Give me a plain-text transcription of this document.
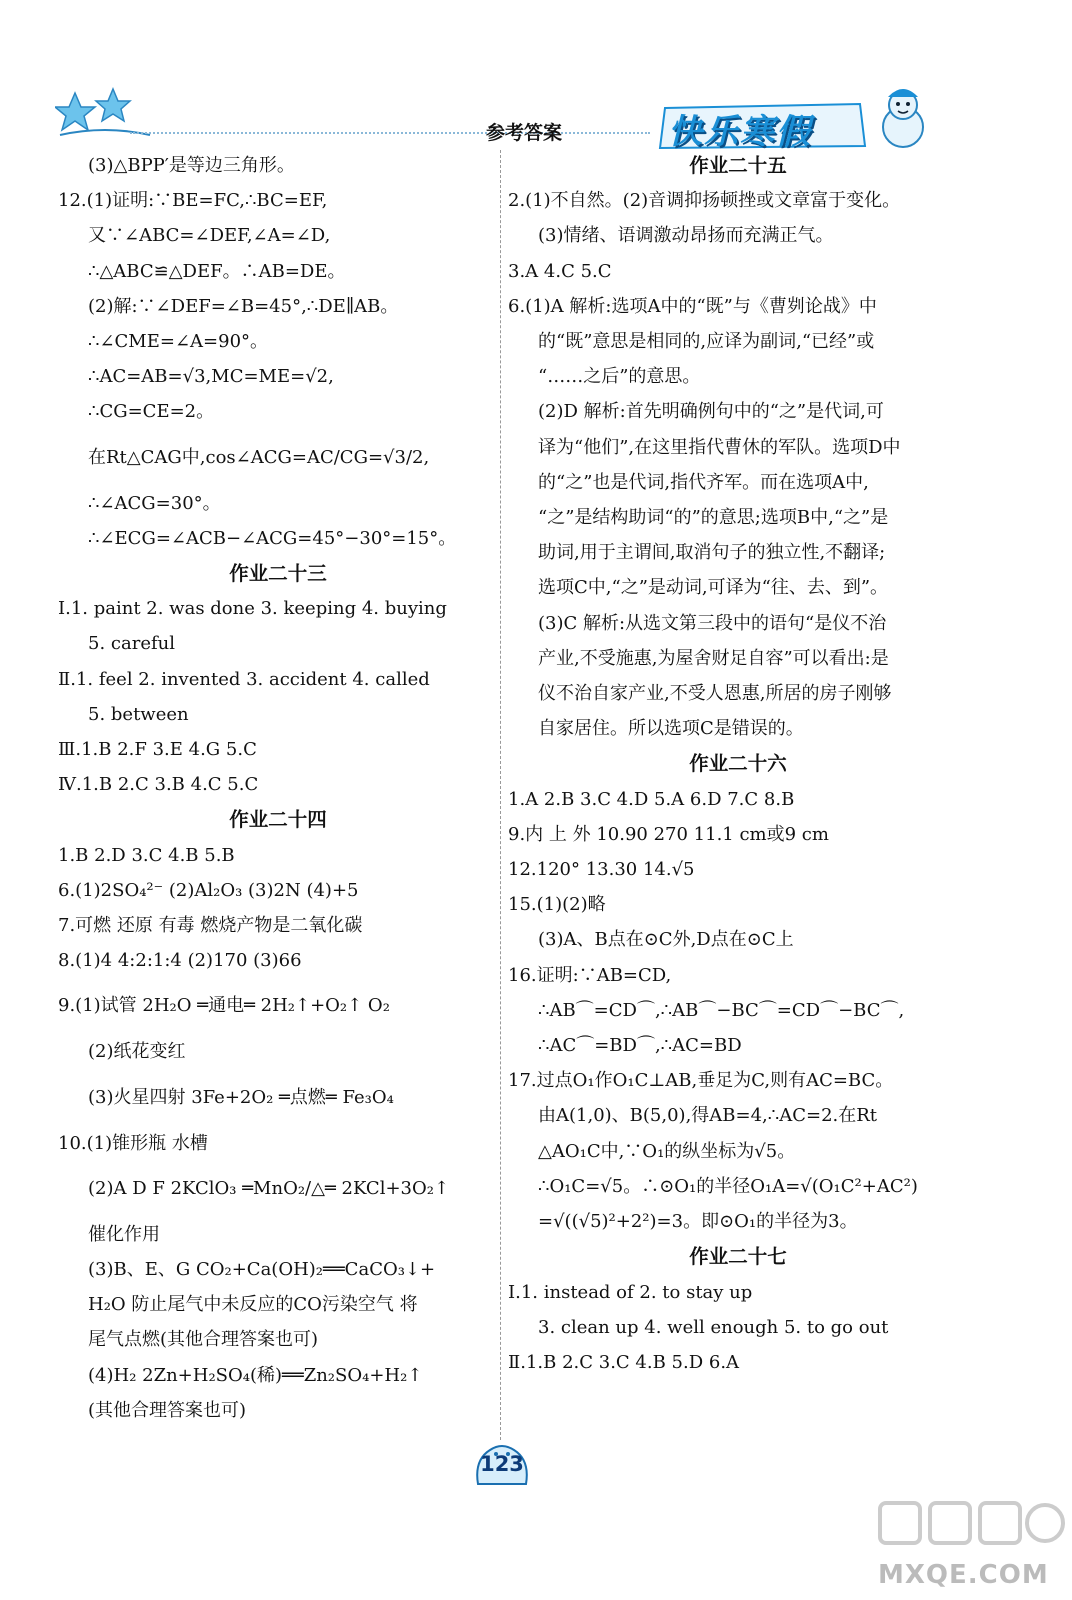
参考答案	快乐寒假
(3)△BPP′是等边三角形。
12.(1)证明:∵BE=FC,∴BC=EF,
又∵∠ABC=∠DEF,∠A=∠D,
∴△ABC≌△DEF。∴AB=DE。
(2)解:∵∠DEF=∠B=45°,∴DE∥AB。
∴∠CME=∠A=90°。
∴AC=AB=√3,MC=ME=√2,
∴CG=CE=2。
在Rt△CAG中,cos∠ACG=AC/CG=√3/2,
∴∠ACG=30°。
∴∠ECG=∠ACB−∠ACG=45°−30°=15°。
作业二十三
Ⅰ.1. paint 2. was done 3. keeping 4. buying
5. careful
Ⅱ.1. feel 2. invented 3. accident 4. called
5. between
Ⅲ.1.B 2.F 3.E 4.G 5.C
Ⅳ.1.B 2.C 3.B 4.C 5.C
作业二十四
1.B 2.D 3.C 4.B 5.B
6.(1)2SO₄²⁻ (2)Al₂O₃ (3)2N (4)+5
7.可燃 还原 有毒 燃烧产物是二氧化碳
8.(1)4 4:2:1:4 (2)170 (3)66
9.(1)试管 2H₂O ═通电═ 2H₂↑+O₂↑ O₂
(2)纸花变红
(3)火星四射 3Fe+2O₂ ═点燃═ Fe₃O₄
10.(1)锥形瓶 水槽
(2)A D F 2KClO₃ ═MnO₂/△═ 2KCl+3O₂↑
催化作用
(3)B、E、G CO₂+Ca(OH)₂══CaCO₃↓+
H₂O 防止尾气中未反应的CO污染空气 将
尾气点燃(其他合理答案也可)
(4)H₂ 2Zn+H₂SO₄(稀)══Zn₂SO₄+H₂↑
(其他合理答案也可)
作业二十五
2.(1)不自然。(2)音调抑扬顿挫或文章富于变化。
(3)情绪、语调激动昂扬而充满正气。
3.A 4.C 5.C
6.(1)A 解析:选项A中的“既”与《曹刿论战》中
的“既”意思是相同的,应译为副词,“已经”或
“……之后”的意思。
(2)D 解析:首先明确例句中的“之”是代词,可
译为“他们”,在这里指代曹休的军队。选项D中
的“之”也是代词,指代齐军。而在选项A中,
“之”是结构助词“的”的意思;选项B中,“之”是
助词,用于主谓间,取消句子的独立性,不翻译;
选项C中,“之”是动词,可译为“往、去、到”。
(3)C 解析:从选文第三段中的语句“是仪不治
产业,不受施惠,为屋舍财足自容”可以看出:是
仪不治自家产业,不受人恩惠,所居的房子刚够
自家居住。所以选项C是错误的。
作业二十六
1.A 2.B 3.C 4.D 5.A 6.D 7.C 8.B
9.内 上 外 10.90 270 11.1 cm或9 cm
12.120° 13.30 14.√5
15.(1)(2)略
(3)A、B点在⊙C外,D点在⊙C上
16.证明:∵AB=CD,
∴AB⌒=CD⌒,∴AB⌒−BC⌒=CD⌒−BC⌒,
∴AC⌒=BD⌒,∴AC=BD
17.过点O₁作O₁C⊥AB,垂足为C,则有AC=BC。
由A(1,0)、B(5,0),得AB=4,∴AC=2.在Rt
△AO₁C中,∵O₁的纵坐标为√5。
∴O₁C=√5。∴⊙O₁的半径O₁A=√(O₁C²+AC²)
=√((√5)²+2²)=3。即⊙O₁的半径为3。
作业二十七
Ⅰ.1. instead of 2. to stay up
3. clean up 4. well enough 5. to go out
Ⅱ.1.B 2.C 3.C 4.B 5.D 6.A
123
MXQE.COM
